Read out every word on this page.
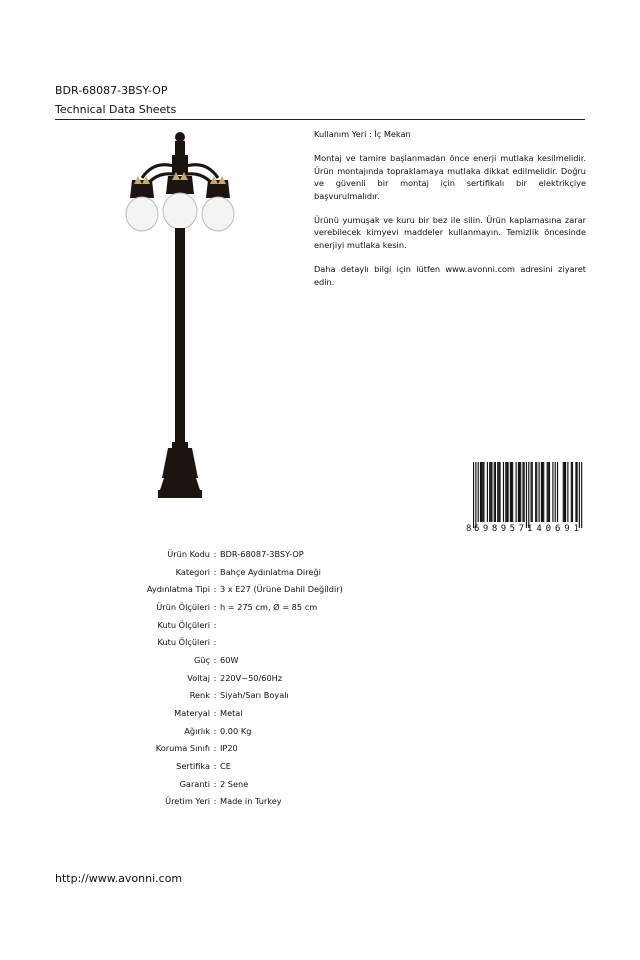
BDR-68087-3BSY-OP
Technical Data Sheets

Kullanım Yeri : İç Mekan

Montaj ve tamire başlanmadan önce enerji mutlaka kesilmelidir. Ürün montajında topraklamaya mutlaka dikkat edilmelidir. Doğru ve güvenli bir montaj için sertifikalı bir elektrikçiye başvurulmalıdır.

Ürünü yumuşak ve kuru bir bez ile silin. Ürün kaplamasına zarar verebilecek kimyevi maddeler kullanmayın. Temizlik öncesinde enerjiyi mutlaka kesin.

Daha detaylı bilgi için lütfen www.avonni.com adresini ziyaret edin.

8 698957 140691
Ürün Kodu : BDR-68087-3BSY-OP
Kategori : Bahçe Aydınlatma Direği
Aydınlatma Tipi : 3 x E27 (Ürüne Dahil Değildir)
Ürün Ölçüleri : h = 275 cm, Ø = 85 cm
Kutu Ölçüleri :
Kutu Ölçüleri :
Güç : 60W
Voltaj : 220V~50/60Hz
Renk : Siyah/Sarı Boyalı
Materyal : Metal
Ağırlık : 0.00 Kg
Koruma Sınıfı : IP20
Sertifika : CE
Garanti : 2 Sene
Üretim Yeri : Made in Turkey
http://www.avonni.com
